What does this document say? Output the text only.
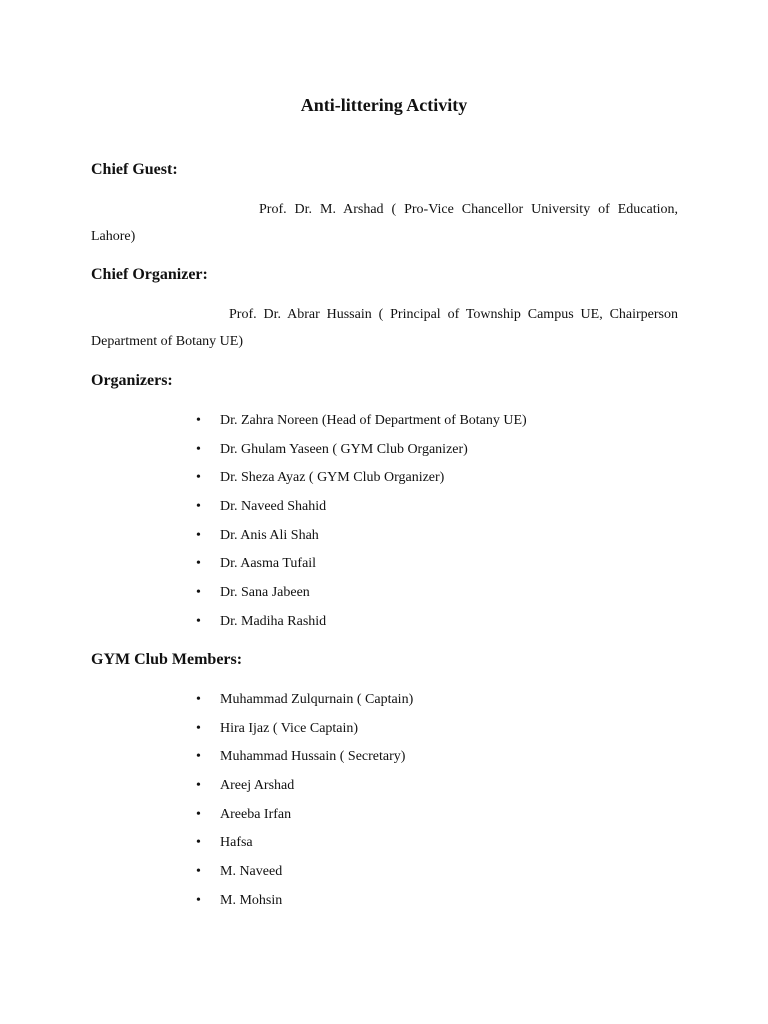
Anti-littering Activity
Chief Guest:
Prof. Dr. M. Arshad ( Pro-Vice Chancellor University of Education,
Lahore)
Chief Organizer:
Prof. Dr. Abrar Hussain ( Principal of Township Campus UE, Chairperson
Department of Botany UE)
Organizers:
• Dr. Zahra Noreen (Head of Department of Botany UE)
• Dr. Ghulam Yaseen ( GYM Club Organizer)
• Dr. Sheza Ayaz ( GYM Club Organizer)
• Dr. Naveed Shahid
• Dr. Anis Ali Shah
• Dr. Aasma Tufail
• Dr. Sana Jabeen
• Dr. Madiha Rashid
GYM Club Members:
• Muhammad Zulqurnain ( Captain)
• Hira Ijaz ( Vice Captain)
• Muhammad Hussain ( Secretary)
• Areej Arshad
• Areeba Irfan
• Hafsa
• M. Naveed
• M. Mohsin
